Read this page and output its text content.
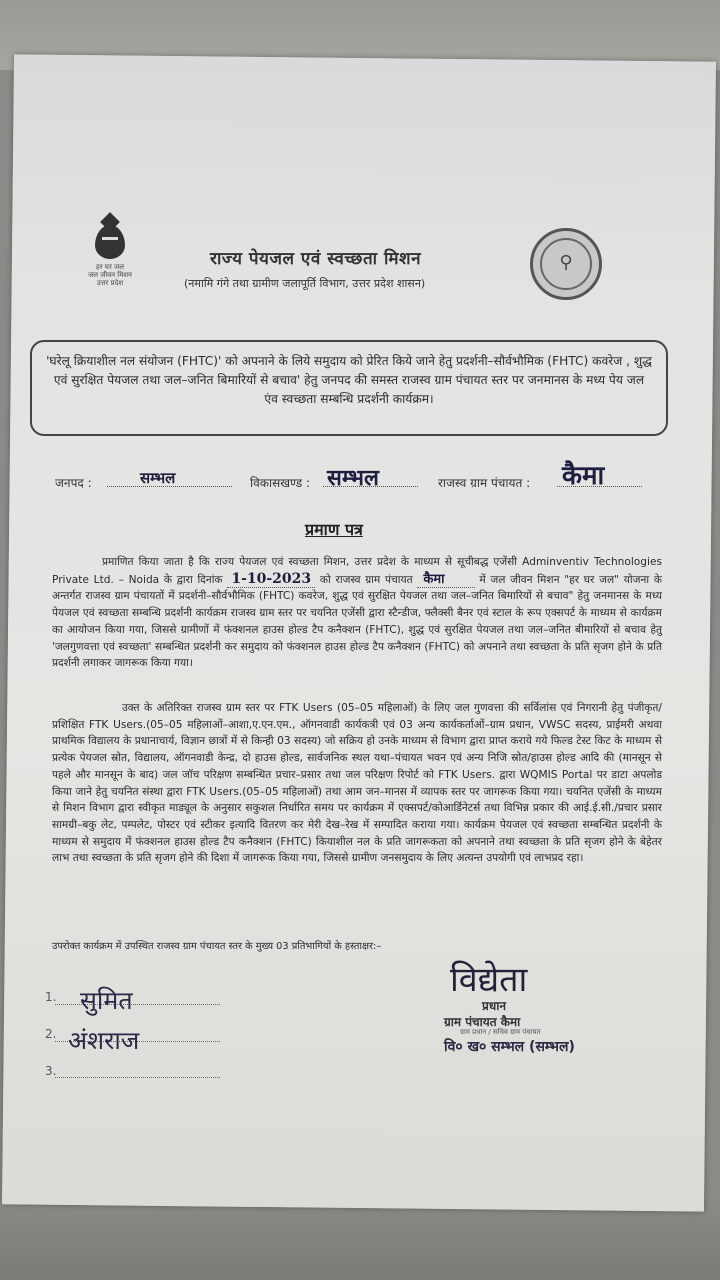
हर घर जल
जल जीवन मिशन
उत्तर प्रदेश
⚲
राज्य पेयजल एवं स्वच्छता मिशन
(नमामि गंगे तथा ग्रामीण जलापूर्ति विभाग, उत्तर प्रदेश शासन)
'घरेलू क्रियाशील नल संयोजन (FHTC)' को अपनाने के लिये समुदाय को प्रेरित किये जाने हेतु प्रदर्शनी–सौर्वभौमिक (FHTC) कवरेज , शुद्ध एवं सुरक्षित पेयजल तथा जल–जनित बिमारियों से बचाव' हेतु जनपद की समस्त राजस्व ग्राम पंचायत स्तर पर जनमानस के मध्य पेय जल एंव स्वच्छता सम्बन्धि प्रदर्शनी कार्यक्रम।
जनपद :	सम्भल	विकासखण्ड : सम्भल	राजस्व ग्राम पंचायत : कैमा
प्रमाण पत्र
प्रमाणित किया जाता है कि राज्य पेयजल एवं स्वच्छता मिशन, उत्तर प्रदेश के माध्यम से सूचीबद्ध एजेंसी Adminventiv Technologies Private Ltd. – Noida के द्वारा दिनांक 1-10-2023 को राजस्व ग्राम पंचायत कैमा	में जल जीवन मिशन "हर घर जल" योजना के अन्तर्गत राजस्व ग्राम पंचायतों में प्रदर्शनी–सौर्वभौमिक (FHTC) कवरेज, शुद्ध एवं सुरक्षित पेयजल तथा जल–जनित बिमारियों से बचाव" हेतु जनमानस के मध्य पेयजल एवं स्वच्छता सम्बन्धि प्रदर्शनी कार्यक्रम राजस्व ग्राम स्तर पर चयनित एजेंसी द्वारा स्टैन्डीज, फ्लैक्सी बैनर एवं स्टाल के रूप एक्सपर्ट के माध्यम से कार्यक्रम का आयोजन किया गया, जिससे ग्रामीणों में फंक्शनल हाउस होल्ड टैप कनैक्शन (FHTC), शुद्ध एवं सुरक्षित पेयजल तथा जल–जनित बीमारियों से बचाव हेतु 'जलगुणवत्ता एवं स्वच्छता' सम्बन्धित प्रदर्शनी कर समुदाय को फंक्शनल हाउस होल्ड टैप कनैक्शन (FHTC) को अपनाने तथा स्वच्छता के प्रति सृजग होने के प्रति प्रदर्शनी लगाकर जागरूक किया गया।
उक्त के अतिरिक्त राजस्व ग्राम स्तर पर FTK Users (05–05 महिलाओं) के लिए जल गुणवत्ता की सर्विलांस एवं निगरानी हेतु पंजीकृत/प्रशिक्षित FTK Users.(05–05 महिलाओं–आशा,ए.एन.एम., ऑगनवाडी कार्यकत्री एवं 03 अन्य कार्यकर्ताओं–ग्राम प्रधान, VWSC सदस्य, प्राईमरी अथवा प्राथमिक विद्यालय के प्रधानाचार्य, विज्ञान छात्रों में से किन्ही 03 सदस्य) जो सक्रिय हो उनके माध्यम से विभाग द्वारा प्राप्त कराये गये फिल्ड टेस्ट किट के माध्यम से प्रत्येक पेयजल स्रोत, विद्यालय, ऑगनवाडी केन्द्र, दो हाउस होल्ड, सार्वजनिक स्थल यथा–पंचायत भवन एवं अन्य निजि स्रोत/हाउस होल्ड आदि की (मानसून से पहले और मानसून के बाद) जल जॉच परिक्षण सम्बन्धित प्रचार–प्रसार तथा जल परिक्षण रिपोर्ट को FTK Users. द्वारा WQMIS Portal पर डाटा अपलोड किया जाने हेतु चयनित संस्था द्वारा FTK Users.(05–05 महिलाओं) तथा आम जन–मानस में व्यापक स्तर पर जागरूक किया गया। चयनित एजेंसी के माध्यम से मिशन विभाग द्वारा स्वीकृत माड्यूल के अनुसार सकुशल निर्धारित समय पर कार्यक्रम में एक्सपर्ट/कोआर्डिनेटर्स तथा विभिन्न प्रकार की आई.ई.सी./प्रचार प्रसार सामग्री–बकु लेट, पम्पलेट, पोस्टर एवं स्टीकर इत्यादि वितरण कर मेरी देख–रेख में सम्पादित कराया गया। कार्यक्रम पेयजल एवं स्वच्छता सम्बन्धित प्रदर्शनी के माध्यम से समुदाय में फंक्शनल हाउस होल्ड टैप कनैक्शन (FHTC) कियाशील नल के प्रति जागरूकता को अपनाने तथा स्वच्छता के प्रति सृजग होने के बेहेतर लाभ तथा स्वच्छता के प्रति सृजग होने की दिशा में जागरूक किया गया, जिससे ग्रामीण जनसमुदाय के लिए अत्यन्त उपयोगी एवं लाभप्रद रहा।
उपरोक्त कार्यक्रम में उपस्थित राजस्व ग्राम पंचायत स्तर के मुख्य 03 प्रतिभागियों के हस्ताक्षर:–
1. सुमित
2. अंशराज
3.
विद्येता
प्रधान
ग्राम पंचायत कैमा
ग्राम प्रधान / सचिव ग्राम पंचायत
वि० ख० सम्भल (सम्भल)
